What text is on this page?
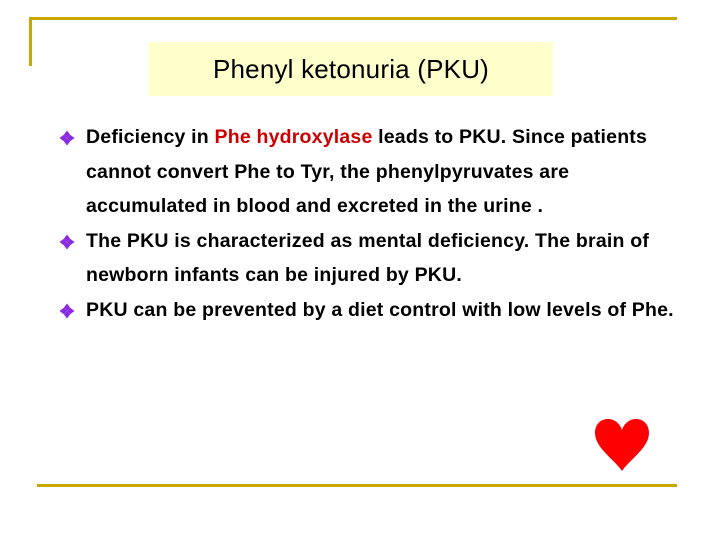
Phenyl ketonuria (PKU)
Deficiency in Phe hydroxylase leads to PKU. Since patients cannot convert Phe to Tyr, the phenylpyruvates are accumulated in blood and excreted in the urine .
The PKU is characterized as mental deficiency. The brain of newborn infants can be injured by PKU.
PKU can be prevented by a diet control with low levels of Phe.
